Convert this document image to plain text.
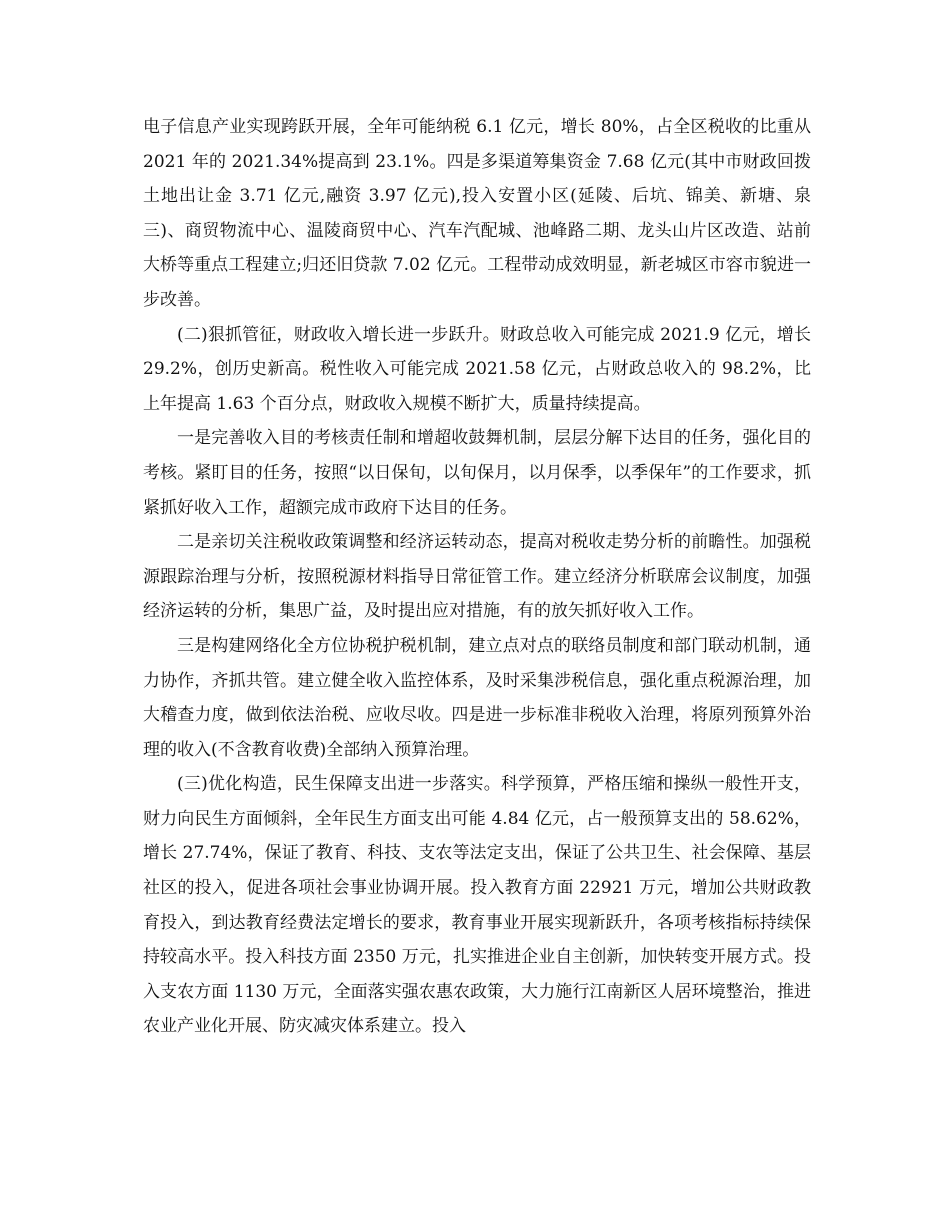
电子信息产业实现跨跃开展，全年可能纳税 6.1 亿元，增长 80%，占全区税收的比重从 2021 年的 2021.34%提高到 23.1%。四是多渠道筹集资金 7.68 亿元(其中市财政回拨土地出让金 3.71 亿元,融资 3.97 亿元),投入安置小区(延陵、后坑、锦美、新塘、泉三)、商贸物流中心、温陵商贸中心、汽车汽配城、池峰路二期、龙头山片区改造、站前大桥等重点工程建立;归还旧贷款 7.02 亿元。工程带动成效明显，新老城区市容市貌进一步改善。

(二)狠抓管征，财政收入增长进一步跃升。财政总收入可能完成 2021.9 亿元，增长 29.2%，创历史新高。税性收入可能完成 2021.58 亿元，占财政总收入的 98.2%，比上年提高 1.63 个百分点，财政收入规模不断扩大，质量持续提高。

一是完善收入目的考核责任制和增超收鼓舞机制，层层分解下达目的任务，强化目的考核。紧盯目的任务，按照“以日保旬，以旬保月，以月保季，以季保年”的工作要求，抓紧抓好收入工作，超额完成市政府下达目的任务。

二是亲切关注税收政策调整和经济运转动态，提高对税收走势分析的前瞻性。加强税源跟踪治理与分析，按照税源材料指导日常征管工作。建立经济分析联席会议制度，加强经济运转的分析，集思广益，及时提出应对措施，有的放矢抓好收入工作。

三是构建网络化全方位协税护税机制，建立点对点的联络员制度和部门联动机制，通力协作，齐抓共管。建立健全收入监控体系，及时采集涉税信息，强化重点税源治理，加大稽查力度，做到依法治税、应收尽收。四是进一步标准非税收入治理，将原列预算外治理的收入(不含教育收费)全部纳入预算治理。

(三)优化构造，民生保障支出进一步落实。科学预算，严格压缩和操纵一般性开支，财力向民生方面倾斜，全年民生方面支出可能 4.84 亿元，占一般预算支出的 58.62%，增长 27.74%，保证了教育、科技、支农等法定支出，保证了公共卫生、社会保障、基层社区的投入，促进各项社会事业协调开展。投入教育方面 22921 万元，增加公共财政教育投入，到达教育经费法定增长的要求，教育事业开展实现新跃升，各项考核指标持续保持较高水平。投入科技方面 2350 万元，扎实推进企业自主创新，加快转变开展方式。投入支农方面 1130 万元，全面落实强农惠农政策，大力施行江南新区人居环境整治，推进农业产业化开展、防灾减灾体系建立。投入
